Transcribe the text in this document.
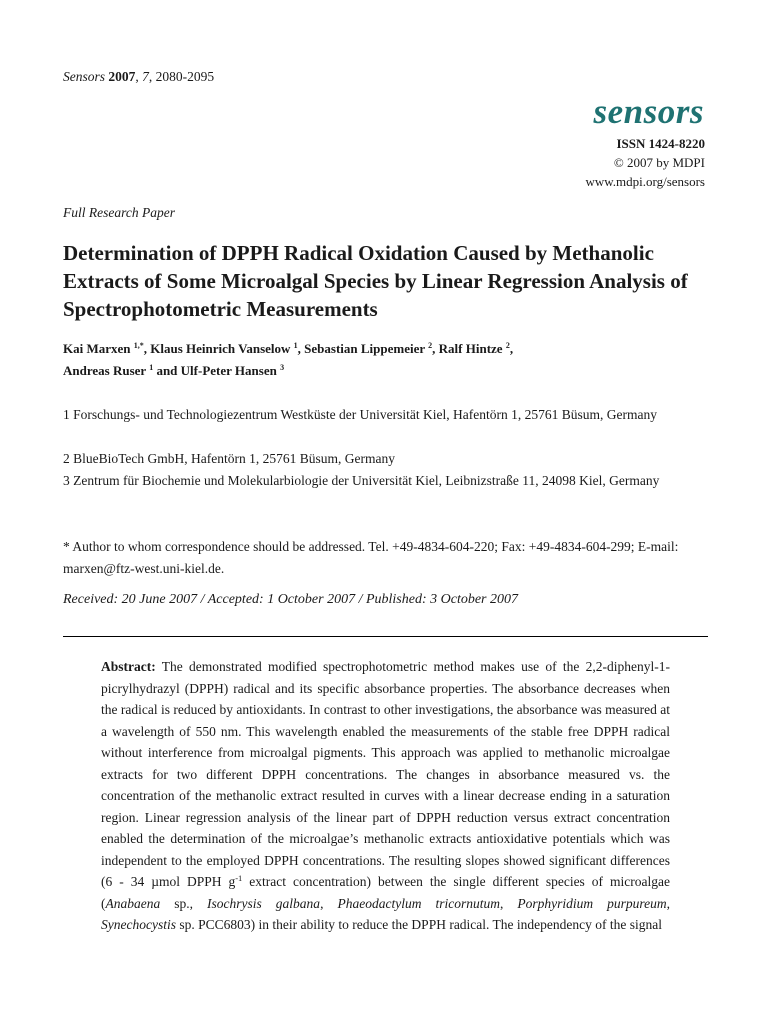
Sensors 2007, 7, 2080-2095
sensors
ISSN 1424-8220
© 2007 by MDPI
www.mdpi.org/sensors
Full Research Paper
Determination of DPPH Radical Oxidation Caused by Methanolic Extracts of Some Microalgal Species by Linear Regression Analysis of Spectrophotometric Measurements
Kai Marxen $^{1,*}$, Klaus Heinrich Vanselow $^1$, Sebastian Lippemeier $^2$, Ralf Hintze $^2$,
Andreas Ruser $^1$ and Ulf-Peter Hansen $^3$
1 Forschungs- und Technologiezentrum Westküste der Universität Kiel, Hafentörn 1, 25761 Büsum, Germany
2 BlueBioTech GmbH, Hafentörn 1, 25761 Büsum, Germany
3 Zentrum für Biochemie und Molekularbiologie der Universität Kiel, Leibnizstraße 11, 24098 Kiel, Germany
* Author to whom correspondence should be addressed. Tel. +49-4834-604-220; Fax: +49-4834-604-299; E-mail: marxen@ftz-west.uni-kiel.de.
Received: 20 June 2007 / Accepted: 1 October 2007 / Published: 3 October 2007
Abstract: The demonstrated modified spectrophotometric method makes use of the 2,2-diphenyl-1-picrylhydrazyl (DPPH) radical and its specific absorbance properties. The absorbance decreases when the radical is reduced by antioxidants. In contrast to other investigations, the absorbance was measured at a wavelength of 550 nm. This wavelength enabled the measurements of the stable free DPPH radical without interference from microalgal pigments. This approach was applied to methanolic microalgae extracts for two different DPPH concentrations. The changes in absorbance measured vs. the concentration of the methanolic extract resulted in curves with a linear decrease ending in a saturation region. Linear regression analysis of the linear part of DPPH reduction versus extract concentration enabled the determination of the microalgae’s methanolic extracts antioxidative potentials which was independent to the employed DPPH concentrations. The resulting slopes showed significant differences (6 - 34 µmol DPPH $g^{-1}$ extract concentration) between the single different species of microalgae (Anabaena sp., Isochrysis galbana, Phaeodactylum tricornutum, Porphyridium purpureum, Synechocystis sp. PCC6803) in their ability to reduce the DPPH radical. The independency of the signal
